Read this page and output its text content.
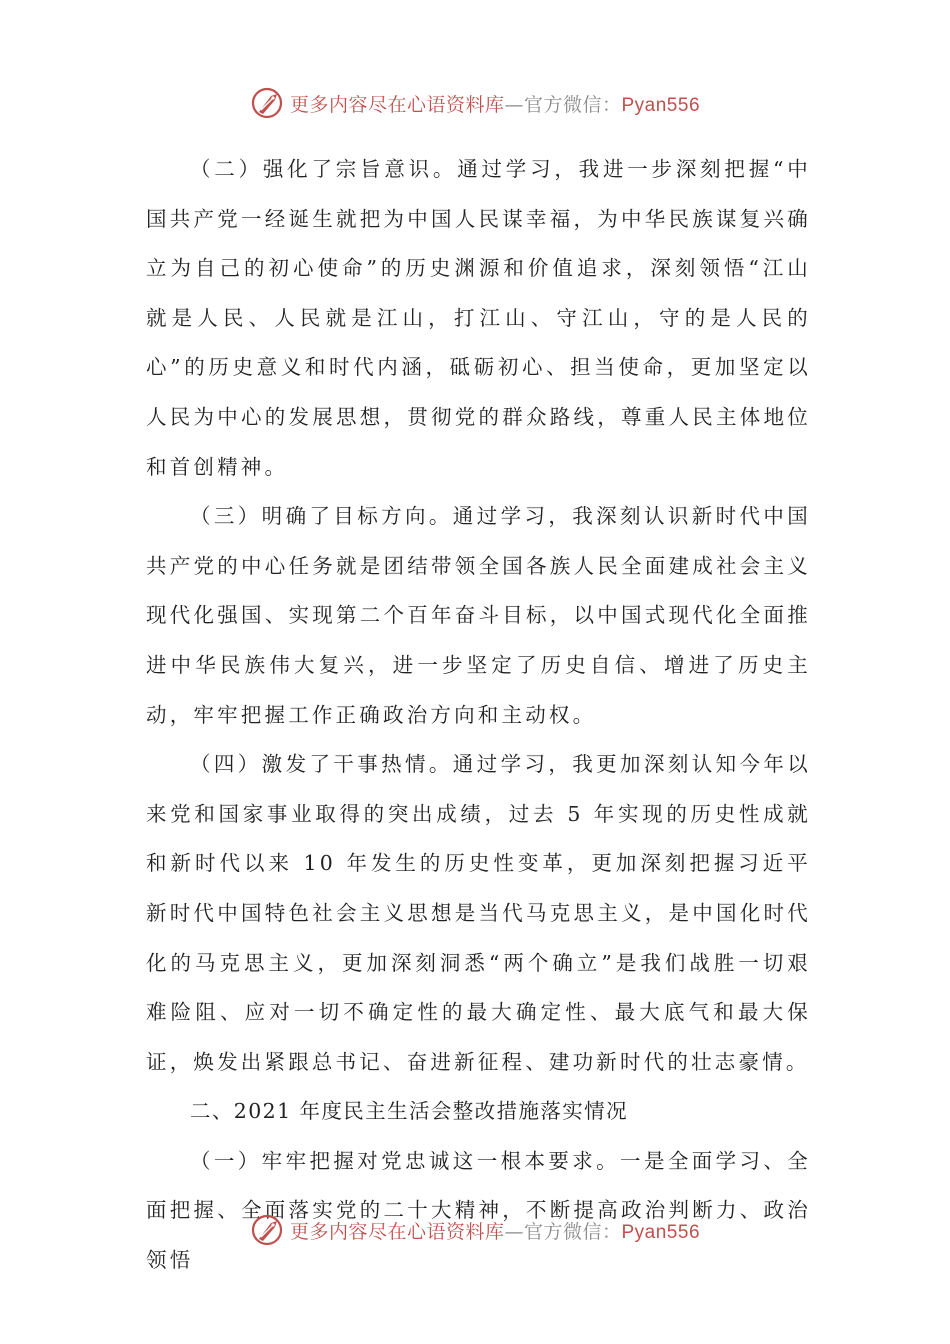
更多内容尽在心语资料库—官方微信：Pyan556

（二）强化了宗旨意识。通过学习，我进一步深刻把握“中国共产党一经诞生就把为中国人民谋幸福，为中华民族谋复兴确立为自己的初心使命”的历史渊源和价值追求，深刻领悟“江山就是人民、人民就是江山，打江山、守江山，守的是人民的心”的历史意义和时代内涵，砥砺初心、担当使命，更加坚定以人民为中心的发展思想，贯彻党的群众路线，尊重人民主体地位和首创精神。

（三）明确了目标方向。通过学习，我深刻认识新时代中国共产党的中心任务就是团结带领全国各族人民全面建成社会主义现代化强国、实现第二个百年奋斗目标，以中国式现代化全面推进中华民族伟大复兴，进一步坚定了历史自信、增进了历史主动，牢牢把握工作正确政治方向和主动权。

（四）激发了干事热情。通过学习，我更加深刻认知今年以来党和国家事业取得的突出成绩，过去 5 年实现的历史性成就和新时代以来 10 年发生的历史性变革，更加深刻把握习近平新时代中国特色社会主义思想是当代马克思主义，是中国化时代化的马克思主义，更加深刻洞悉“两个确立”是我们战胜一切艰难险阻、应对一切不确定性的最大确定性、最大底气和最大保证，焕发出紧跟总书记、奋进新征程、建功新时代的壮志豪情。

二、2021 年度民主生活会整改措施落实情况

（一）牢牢把握对党忠诚这一根本要求。一是全面学习、全面把握、全面落实党的二十大精神，不断提高政治判断力、政治领悟

更多内容尽在心语资料库—官方微信：Pyan556
